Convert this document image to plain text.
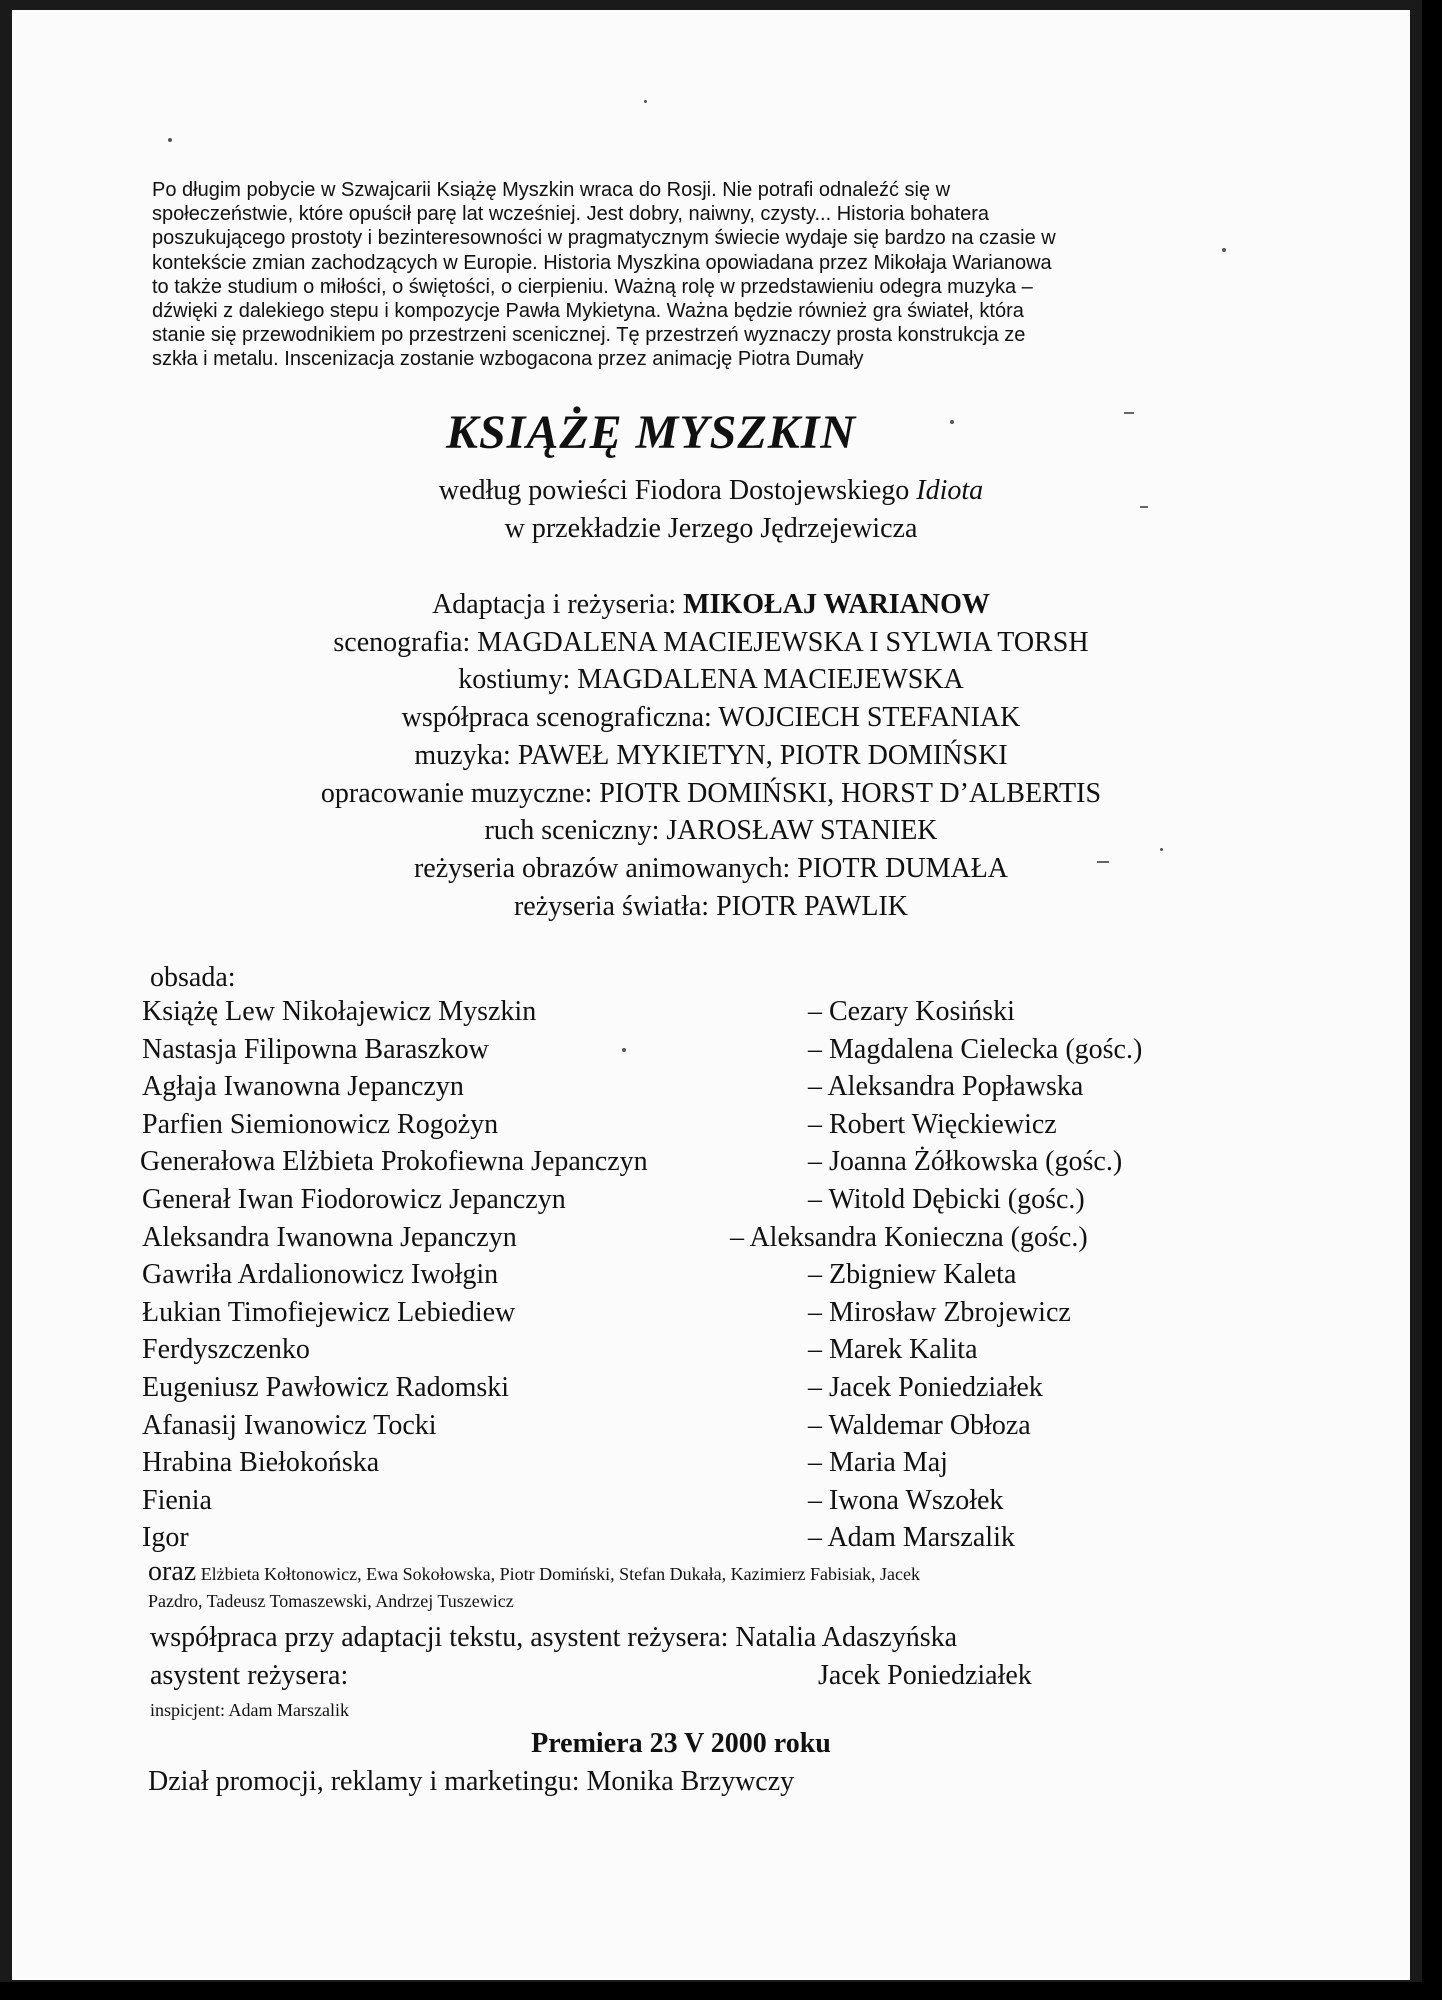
Po długim pobycie w Szwajcarii Książę Myszkin wraca do Rosji. Nie potrafi odnaleźć się w
społeczeństwie, które opuścił parę lat wcześniej. Jest dobry, naiwny, czysty... Historia bohatera
poszukującego prostoty i bezinteresowności w pragmatycznym świecie wydaje się bardzo na czasie w
kontekście zmian zachodzących w Europie. Historia Myszkina opowiadana przez Mikołaja Warianowa
to także studium o miłości, o świętości, o cierpieniu. Ważną rolę w przedstawieniu odegra muzyka –
dźwięki z dalekiego stepu i kompozycje Pawła Mykietyna. Ważna będzie również gra świateł, która
stanie się przewodnikiem po przestrzeni scenicznej. Tę przestrzeń wyznaczy prosta konstrukcja ze
szkła i metalu. Inscenizacja zostanie wzbogacona przez animację Piotra Dumały
KSIĄŻĘ MYSZKIN
według powieści Fiodora Dostojewskiego Idiota
w przekładzie Jerzego Jędrzejewicza
Adaptacja i reżyseria: MIKOŁAJ WARIANOW
scenografia: MAGDALENA MACIEJEWSKA I SYLWIA TORSH
kostiumy: MAGDALENA MACIEJEWSKA
współpraca scenograficzna: WOJCIECH STEFANIAK
muzyka: PAWEŁ MYKIETYN, PIOTR DOMIŃSKI
opracowanie muzyczne: PIOTR DOMIŃSKI, HORST D’ALBERTIS
ruch sceniczny: JAROSŁAW STANIEK
reżyseria obrazów animowanych: PIOTR DUMAŁA
reżyseria światła: PIOTR PAWLIK
obsada:
Książę Lew Nikołajewicz Myszkin	– Cezary Kosiński
Nastasja Filipowna Baraszkow	– Magdalena Cielecka (gośc.)
Agłaja Iwanowna Jepanczyn	– Aleksandra Popławska
Parfien Siemionowicz Rogożyn	– Robert Więckiewicz
Generałowa Elżbieta Prokofiewna Jepanczyn	– Joanna Żółkowska (gośc.)
Generał Iwan Fiodorowicz Jepanczyn	– Witold Dębicki (gośc.)
Aleksandra Iwanowna Jepanczyn	– Aleksandra Konieczna (gośc.)
Gawriła Ardalionowicz Iwołgin	– Zbigniew Kaleta
Łukian Timofiejewicz Lebiediew	– Mirosław Zbrojewicz
Ferdyszczenko	– Marek Kalita
Eugeniusz Pawłowicz Radomski	– Jacek Poniedziałek
Afanasij Iwanowicz Tocki	– Waldemar Obłoza
Hrabina Biełokońska	– Maria Maj
Fienia	– Iwona Wszołek
Igor	– Adam Marszalik
oraz Elżbieta Kołtonowicz, Ewa Sokołowska, Piotr Domiński, Stefan Dukała, Kazimierz Fabisiak, Jacek
Pazdro, Tadeusz Tomaszewski, Andrzej Tuszewicz
współpraca przy adaptacji tekstu, asystent reżysera: Natalia Adaszyńska
asystent reżysera:	Jacek Poniedziałek
inspicjent: Adam Marszalik
Premiera 23 V 2000 roku
Dział promocji, reklamy i marketingu: Monika Brzywczy
